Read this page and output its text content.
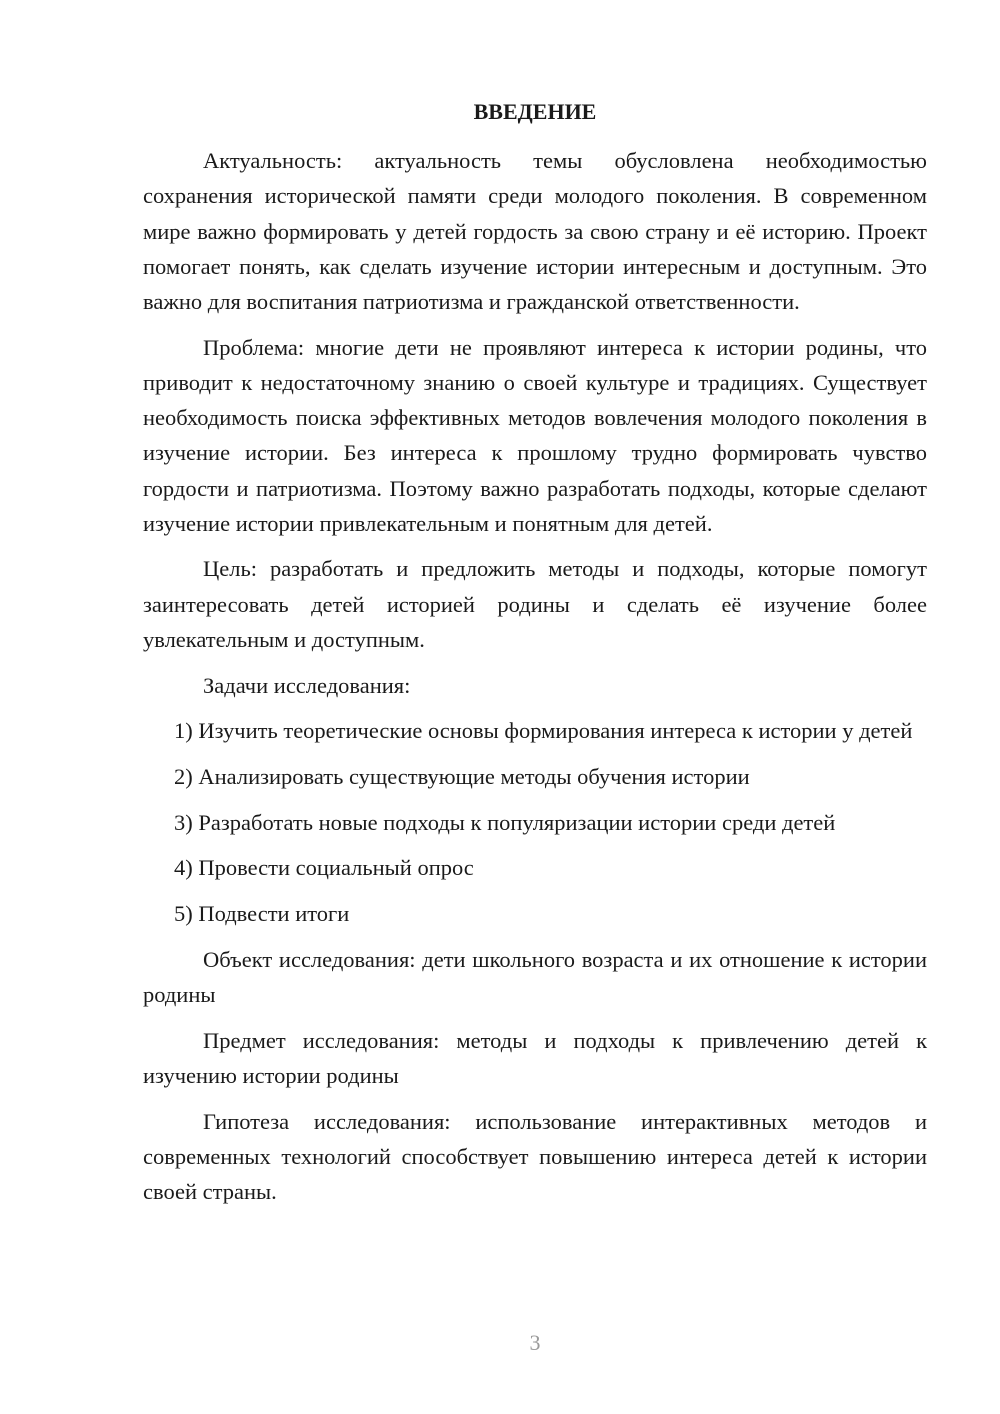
ВВЕДЕНИЕ

Актуальность: актуальность темы обусловлена необходимостью сохранения исторической памяти среди молодого поколения. В современном мире важно формировать у детей гордость за свою страну и её историю. Проект помогает понять, как сделать изучение истории интересным и доступным. Это важно для воспитания патриотизма и гражданской ответственности.

Проблема: многие дети не проявляют интереса к истории родины, что приводит к недостаточному знанию о своей культуре и традициях. Существует необходимость поиска эффективных методов вовлечения молодого поколения в изучение истории. Без интереса к прошлому трудно формировать чувство гордости и патриотизма. Поэтому важно разработать подходы, которые сделают изучение истории привлекательным и понятным для детей.

Цель: разработать и предложить методы и подходы, которые помогут заинтересовать детей историей родины и сделать её изучение более увлекательным и доступным.

Задачи исследования:

1) Изучить теоретические основы формирования интереса к истории у детей

2) Анализировать существующие методы обучения истории

3) Разработать новые подходы к популяризации истории среди детей

4) Провести социальный опрос

5) Подвести итоги

Объект исследования: дети школьного возраста и их отношение к истории родины

Предмет исследования: методы и подходы к привлечению детей к изучению истории родины

Гипотеза исследования: использование интерактивных методов и современных технологий способствует повышению интереса детей к истории своей страны.

3
